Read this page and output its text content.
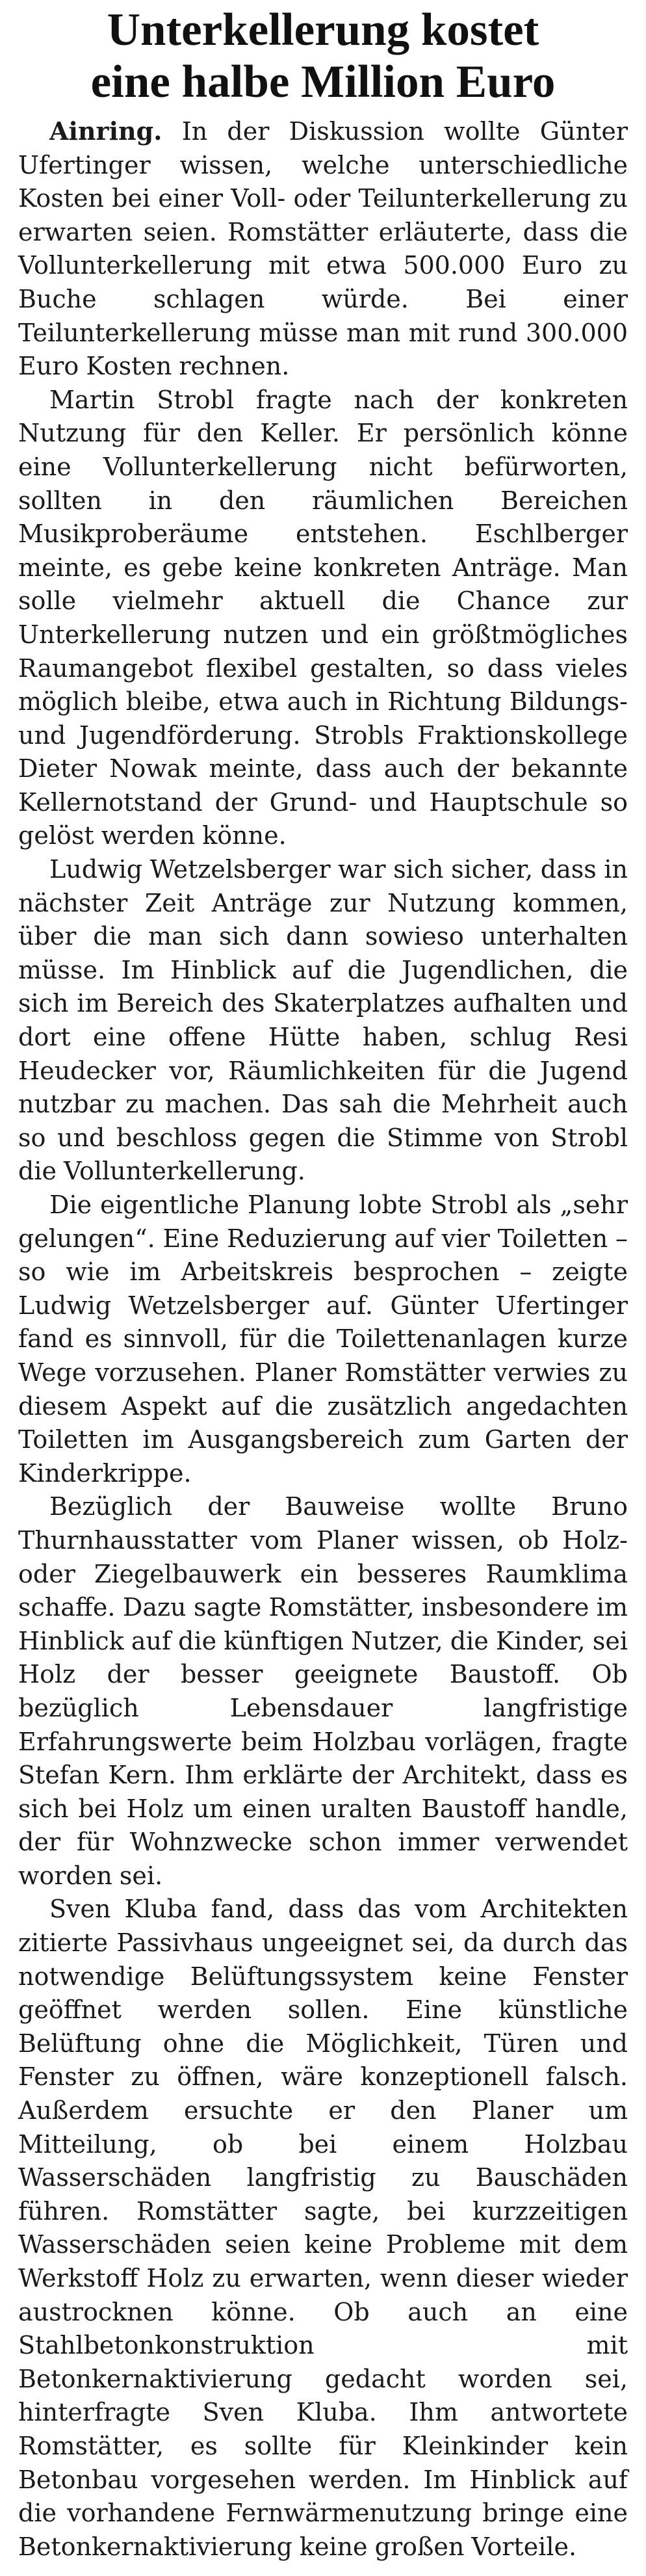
Unterkellerung kostet
eine halbe Million Euro

Ainring. In der Diskussion wollte Günter Ufertinger wissen, welche unterschiedliche Kosten bei einer Voll- oder Teilunterkellerung zu erwarten seien. Romstätter erläuterte, dass die Vollunterkellerung mit etwa 500.000 Euro zu Buche schlagen würde. Bei einer Teilunterkellerung müsse man mit rund 300.000 Euro Kosten rechnen.

Martin Strobl fragte nach der konkreten Nutzung für den Keller. Er persönlich könne eine Vollunterkellerung nicht befürworten, sollten in den räumlichen Bereichen Musikproberäume entstehen. Eschlberger meinte, es gebe keine konkreten Anträge. Man solle vielmehr aktuell die Chance zur Unterkellerung nutzen und ein größtmögliches Raumangebot flexibel gestalten, so dass vieles möglich bleibe, etwa auch in Richtung Bildungs- und Jugendförderung. Strobls Fraktionskollege Dieter Nowak meinte, dass auch der bekannte Kellernotstand der Grund- und Hauptschule so gelöst werden könne.

Ludwig Wetzelsberger war sich sicher, dass in nächster Zeit Anträge zur Nutzung kommen, über die man sich dann sowieso unterhalten müsse. Im Hinblick auf die Jugendlichen, die sich im Bereich des Skaterplatzes aufhalten und dort eine offene Hütte haben, schlug Resi Heudecker vor, Räumlichkeiten für die Jugend nutzbar zu machen. Das sah die Mehrheit auch so und beschloss gegen die Stimme von Strobl die Vollunterkellerung.

Die eigentliche Planung lobte Strobl als „sehr gelungen“. Eine Reduzierung auf vier Toiletten – so wie im Arbeitskreis besprochen – zeigte Ludwig Wetzelsberger auf. Günter Ufertinger fand es sinnvoll, für die Toilettenanlagen kurze Wege vorzusehen. Planer Romstätter verwies zu diesem Aspekt auf die zusätzlich angedachten Toiletten im Ausgangsbereich zum Garten der Kinderkrippe.

Bezüglich der Bauweise wollte Bruno Thurnhausstatter vom Planer wissen, ob Holz- oder Ziegelbauwerk ein besseres Raumklima schaffe. Dazu sagte Romstätter, insbesondere im Hinblick auf die künftigen Nutzer, die Kinder, sei Holz der besser geeignete Baustoff. Ob bezüglich Lebensdauer langfristige Erfahrungswerte beim Holzbau vorlägen, fragte Stefan Kern. Ihm erklärte der Architekt, dass es sich bei Holz um einen uralten Baustoff handle, der für Wohnzwecke schon immer verwendet worden sei.

Sven Kluba fand, dass das vom Architekten zitierte Passivhaus ungeeignet sei, da durch das notwendige Belüftungssystem keine Fenster geöffnet werden sollen. Eine künstliche Belüftung ohne die Möglichkeit, Türen und Fenster zu öffnen, wäre konzeptionell falsch. Außerdem ersuchte er den Planer um Mitteilung, ob bei einem Holzbau Wasserschäden langfristig zu Bauschäden führen. Romstätter sagte, bei kurzzeitigen Wasserschäden seien keine Probleme mit dem Werkstoff Holz zu erwarten, wenn dieser wieder austrocknen könne. Ob auch an eine Stahlbetonkonstruktion mit Betonkernaktivierung gedacht worden sei, hinterfragte Sven Kluba. Ihm antwortete Romstätter, es sollte für Kleinkinder kein Betonbau vorgesehen werden. Im Hinblick auf die vorhandene Fernwärmenutzung bringe eine Betonkernaktivierung keine großen Vorteile.
